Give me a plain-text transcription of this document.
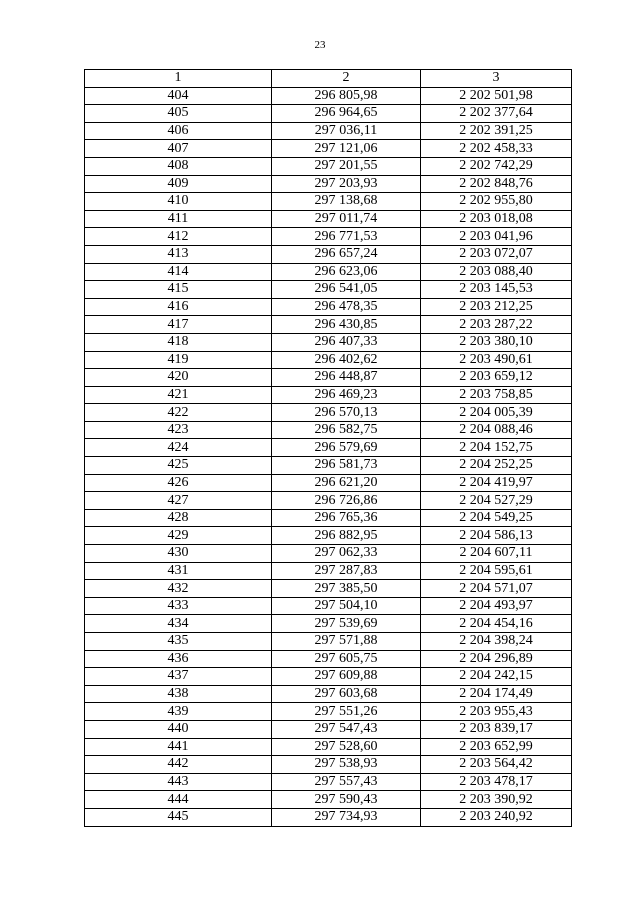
23
1	2	3
404	296 805,98	2 202 501,98
405	296 964,65	2 202 377,64
406	297 036,11	2 202 391,25
407	297 121,06	2 202 458,33
408	297 201,55	2 202 742,29
409	297 203,93	2 202 848,76
410	297 138,68	2 202 955,80
411	297 011,74	2 203 018,08
412	296 771,53	2 203 041,96
413	296 657,24	2 203 072,07
414	296 623,06	2 203 088,40
415	296 541,05	2 203 145,53
416	296 478,35	2 203 212,25
417	296 430,85	2 203 287,22
418	296 407,33	2 203 380,10
419	296 402,62	2 203 490,61
420	296 448,87	2 203 659,12
421	296 469,23	2 203 758,85
422	296 570,13	2 204 005,39
423	296 582,75	2 204 088,46
424	296 579,69	2 204 152,75
425	296 581,73	2 204 252,25
426	296 621,20	2 204 419,97
427	296 726,86	2 204 527,29
428	296 765,36	2 204 549,25
429	296 882,95	2 204 586,13
430	297 062,33	2 204 607,11
431	297 287,83	2 204 595,61
432	297 385,50	2 204 571,07
433	297 504,10	2 204 493,97
434	297 539,69	2 204 454,16
435	297 571,88	2 204 398,24
436	297 605,75	2 204 296,89
437	297 609,88	2 204 242,15
438	297 603,68	2 204 174,49
439	297 551,26	2 203 955,43
440	297 547,43	2 203 839,17
441	297 528,60	2 203 652,99
442	297 538,93	2 203 564,42
443	297 557,43	2 203 478,17
444	297 590,43	2 203 390,92
445	297 734,93	2 203 240,92
